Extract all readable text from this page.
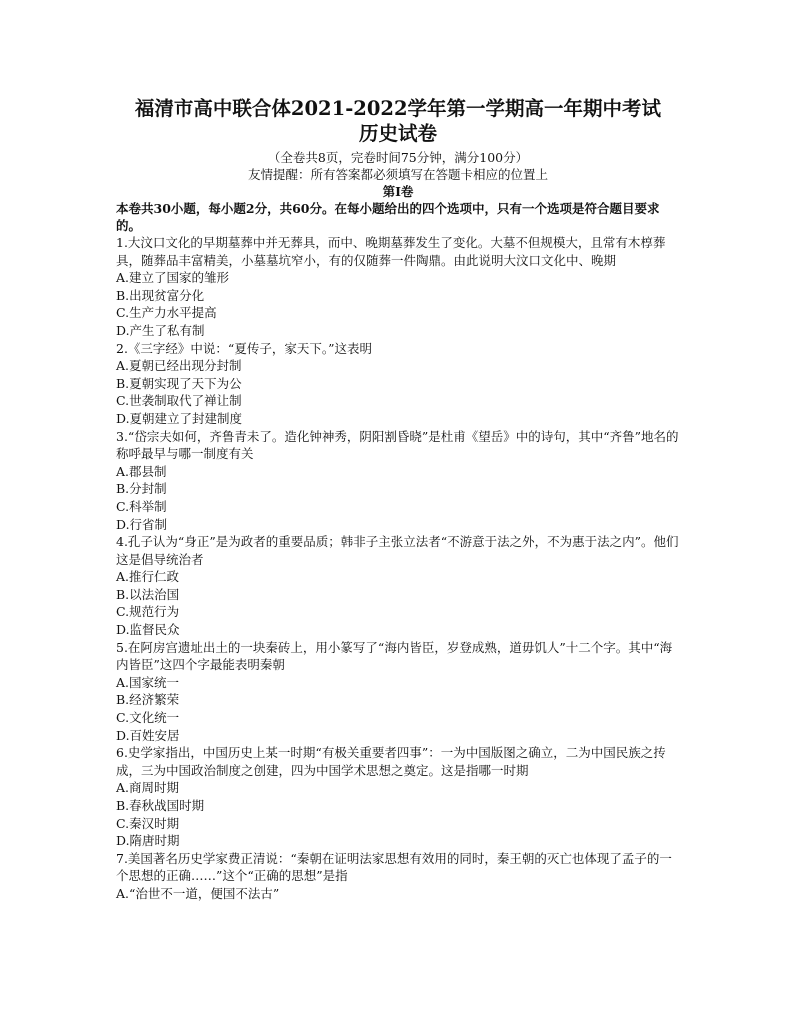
福清市高中联合体2021-2022学年第一学期高一年期中考试
历史试卷

（全卷共8页，完卷时间75分钟，满分100分）

友情提醒：所有答案都必须填写在答题卡相应的位置上

第I卷

本卷共30小题，每小题2分，共60分。在每小题给出的四个选项中，只有一个选项是符合题目要求的。

1.大汶口文化的早期墓葬中并无葬具，而中、晚期墓葬发生了变化。大墓不但规模大，且常有木椁葬具，随葬品丰富精美，小墓墓坑窄小，有的仅随葬一件陶鼎。由此说明大汶口文化中、晚期

A.建立了国家的雏形
B.出现贫富分化
C.生产力水平提高
D.产生了私有制

2.《三字经》中说：“夏传子，家天下。”这表明

A.夏朝已经出现分封制
B.夏朝实现了天下为公
C.世袭制取代了禅让制
D.夏朝建立了封建制度

3.“岱宗夫如何，齐鲁青未了。造化钟神秀，阴阳割昏晓”是杜甫《望岳》中的诗句，其中“齐鲁”地名的称呼最早与哪一制度有关

A.郡县制
B.分封制
C.科举制
D.行省制

4.孔子认为“身正”是为政者的重要品质；韩非子主张立法者“不游意于法之外，不为惠于法之内”。他们这是倡导统治者

A.推行仁政
B.以法治国
C.规范行为
D.监督民众

5.在阿房宫遗址出土的一块秦砖上，用小篆写了“海内皆臣，岁登成熟，道毋饥人”十二个字。其中“海内皆臣”这四个字最能表明秦朝

A.国家统一
B.经济繁荣
C.文化统一
D.百姓安居

6.史学家指出，中国历史上某一时期“有极关重要者四事”：一为中国版图之确立，二为中国民族之抟成，三为中国政治制度之创建，四为中国学术思想之奠定。这是指哪一时期

A.商周时期
B.春秋战国时期
C.秦汉时期
D.隋唐时期

7.美国著名历史学家费正清说：“秦朝在证明法家思想有效用的同时，秦王朝的灭亡也体现了孟子的一个思想的正确……”这个“正确的思想”是指

A.“治世不一道，便国不法古”
